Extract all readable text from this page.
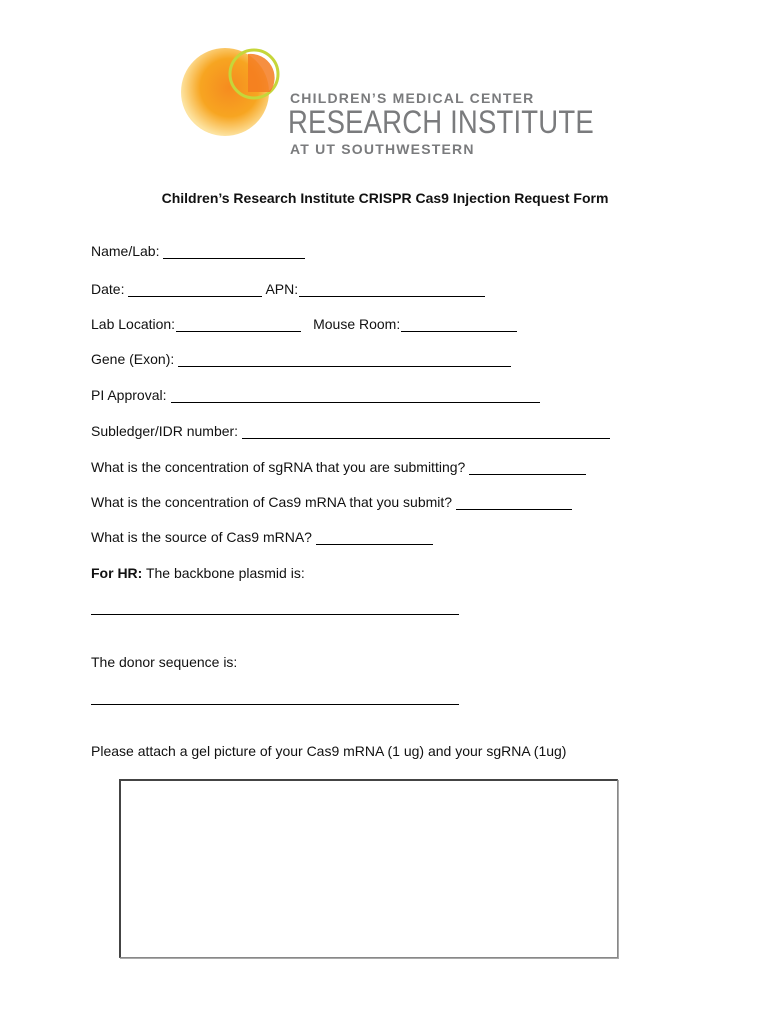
CHILDREN’S MEDICAL CENTER
RESEARCH INSTITUTE
AT UT SOUTHWESTERN
Children’s Research Institute CRISPR Cas9 Injection Request Form
Name/Lab:
Date:	APN:
Lab Location:	Mouse Room:
Gene (Exon):
PI Approval:
Subledger/IDR number:
What is the concentration of sgRNA that you are submitting?
What is the concentration of Cas9 mRNA that you submit?
What is the source of Cas9 mRNA?
For HR: The backbone plasmid is:
The donor sequence is:
Please attach a gel picture of your Cas9 mRNA (1 ug) and your sgRNA (1ug)
